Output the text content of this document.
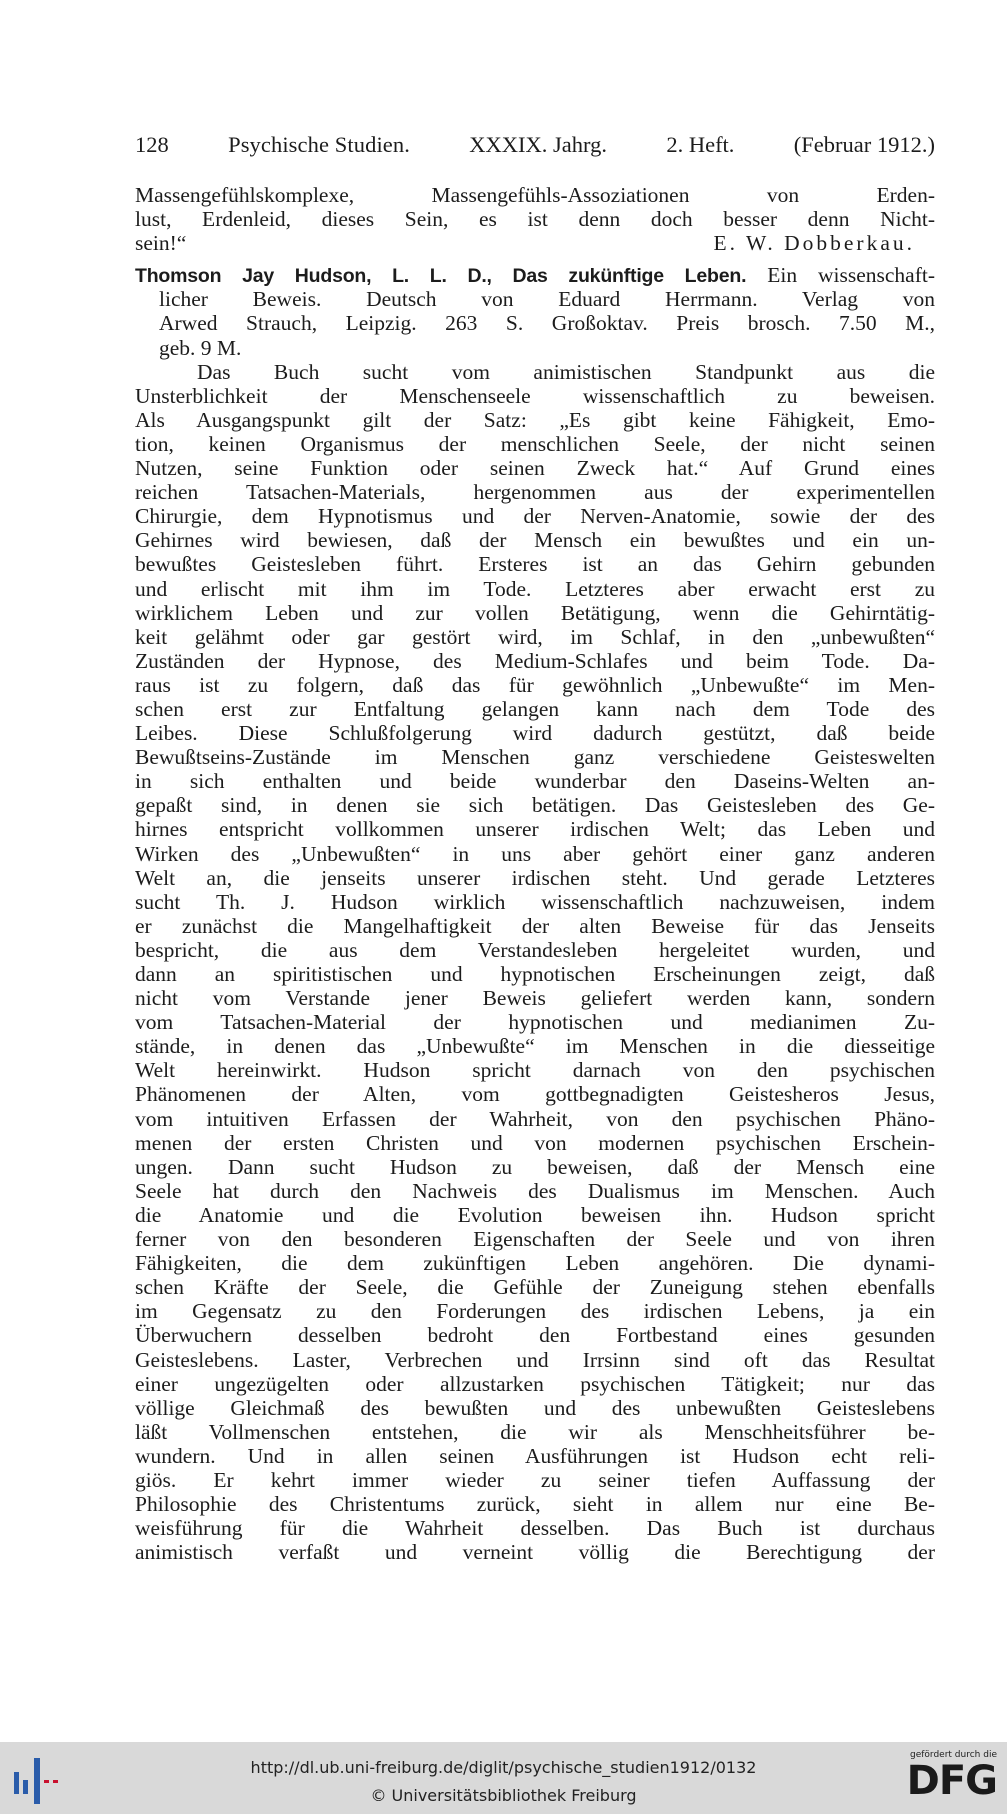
128	Psychische Studien.	XXXIX. Jahrg.	2. Heft.	(Februar 1912.)
Massengefühlskomplexe, Massengefühls-Assoziationen von Erden-
lust, Erdenleid, dieses Sein, es ist denn doch besser denn Nicht-
sein!“	E. W. Dobberkau.
Thomson Jay Hudson, L. L. D., Das zukünftige Leben. Ein wissenschaft-
licher Beweis. Deutsch von Eduard Herrmann. Verlag von
Arwed Strauch, Leipzig. 263 S. Großoktav. Preis brosch. 7.50 M.,
geb. 9 M.
Das Buch sucht vom animistischen Standpunkt aus die
Unsterblichkeit der Menschenseele wissenschaftlich zu beweisen.
Als Ausgangspunkt gilt der Satz: „Es gibt keine Fähigkeit, Emo-
tion, keinen Organismus der menschlichen Seele, der nicht seinen
Nutzen, seine Funktion oder seinen Zweck hat.“ Auf Grund eines
reichen Tatsachen-Materials, hergenommen aus der experimentellen
Chirurgie, dem Hypnotismus und der Nerven-Anatomie, sowie der des
Gehirnes wird bewiesen, daß der Mensch ein bewußtes und ein un-
bewußtes Geistesleben führt. Ersteres ist an das Gehirn gebunden
und erlischt mit ihm im Tode. Letzteres aber erwacht erst zu
wirklichem Leben und zur vollen Betätigung, wenn die Gehirntätig-
keit gelähmt oder gar gestört wird, im Schlaf, in den „unbewußten“
Zuständen der Hypnose, des Medium-Schlafes und beim Tode. Da-
raus ist zu folgern, daß das für gewöhnlich „Unbewußte“ im Men-
schen erst zur Entfaltung gelangen kann nach dem Tode des
Leibes. Diese Schlußfolgerung wird dadurch gestützt, daß beide
Bewußtseins-Zustände im Menschen ganz verschiedene Geisteswelten
in sich enthalten und beide wunderbar den Daseins-Welten an-
gepaßt sind, in denen sie sich betätigen. Das Geistesleben des Ge-
hirnes entspricht vollkommen unserer irdischen Welt; das Leben und
Wirken des „Unbewußten“ in uns aber gehört einer ganz anderen
Welt an, die jenseits unserer irdischen steht. Und gerade Letzteres
sucht Th. J. Hudson wirklich wissenschaftlich nachzuweisen, indem
er zunächst die Mangelhaftigkeit der alten Beweise für das Jenseits
bespricht, die aus dem Verstandesleben hergeleitet wurden, und
dann an spiritistischen und hypnotischen Erscheinungen zeigt, daß
nicht vom Verstande jener Beweis geliefert werden kann, sondern
vom Tatsachen-Material der hypnotischen und medianimen Zu-
stände, in denen das „Unbewußte“ im Menschen in die diesseitige
Welt hereinwirkt. Hudson spricht darnach von den psychischen
Phänomenen der Alten, vom gottbegnadigten Geistesheros Jesus,
vom intuitiven Erfassen der Wahrheit, von den psychischen Phäno-
menen der ersten Christen und von modernen psychischen Erschein-
ungen. Dann sucht Hudson zu beweisen, daß der Mensch eine
Seele hat durch den Nachweis des Dualismus im Menschen. Auch
die Anatomie und die Evolution beweisen ihn. Hudson spricht
ferner von den besonderen Eigenschaften der Seele und von ihren
Fähigkeiten, die dem zukünftigen Leben angehören. Die dynami-
schen Kräfte der Seele, die Gefühle der Zuneigung stehen ebenfalls
im Gegensatz zu den Forderungen des irdischen Lebens, ja ein
Überwuchern desselben bedroht den Fortbestand eines gesunden
Geisteslebens. Laster, Verbrechen und Irrsinn sind oft das Resultat
einer ungezügelten oder allzustarken psychischen Tätigkeit; nur das
völlige Gleichmaß des bewußten und des unbewußten Geisteslebens
läßt Vollmenschen entstehen, die wir als Menschheitsführer be-
wundern. Und in allen seinen Ausführungen ist Hudson echt reli-
giös. Er kehrt immer wieder zu seiner tiefen Auffassung der
Philosophie des Christentums zurück, sieht in allem nur eine Be-
weisführung für die Wahrheit desselben. Das Buch ist durchaus
animistisch verfaßt und verneint völlig die Berechtigung der
http://dl.ub.uni-freiburg.de/diglit/psychische_studien1912/0132
© Universitätsbibliothek Freiburg
gefördert durch die
DFG
